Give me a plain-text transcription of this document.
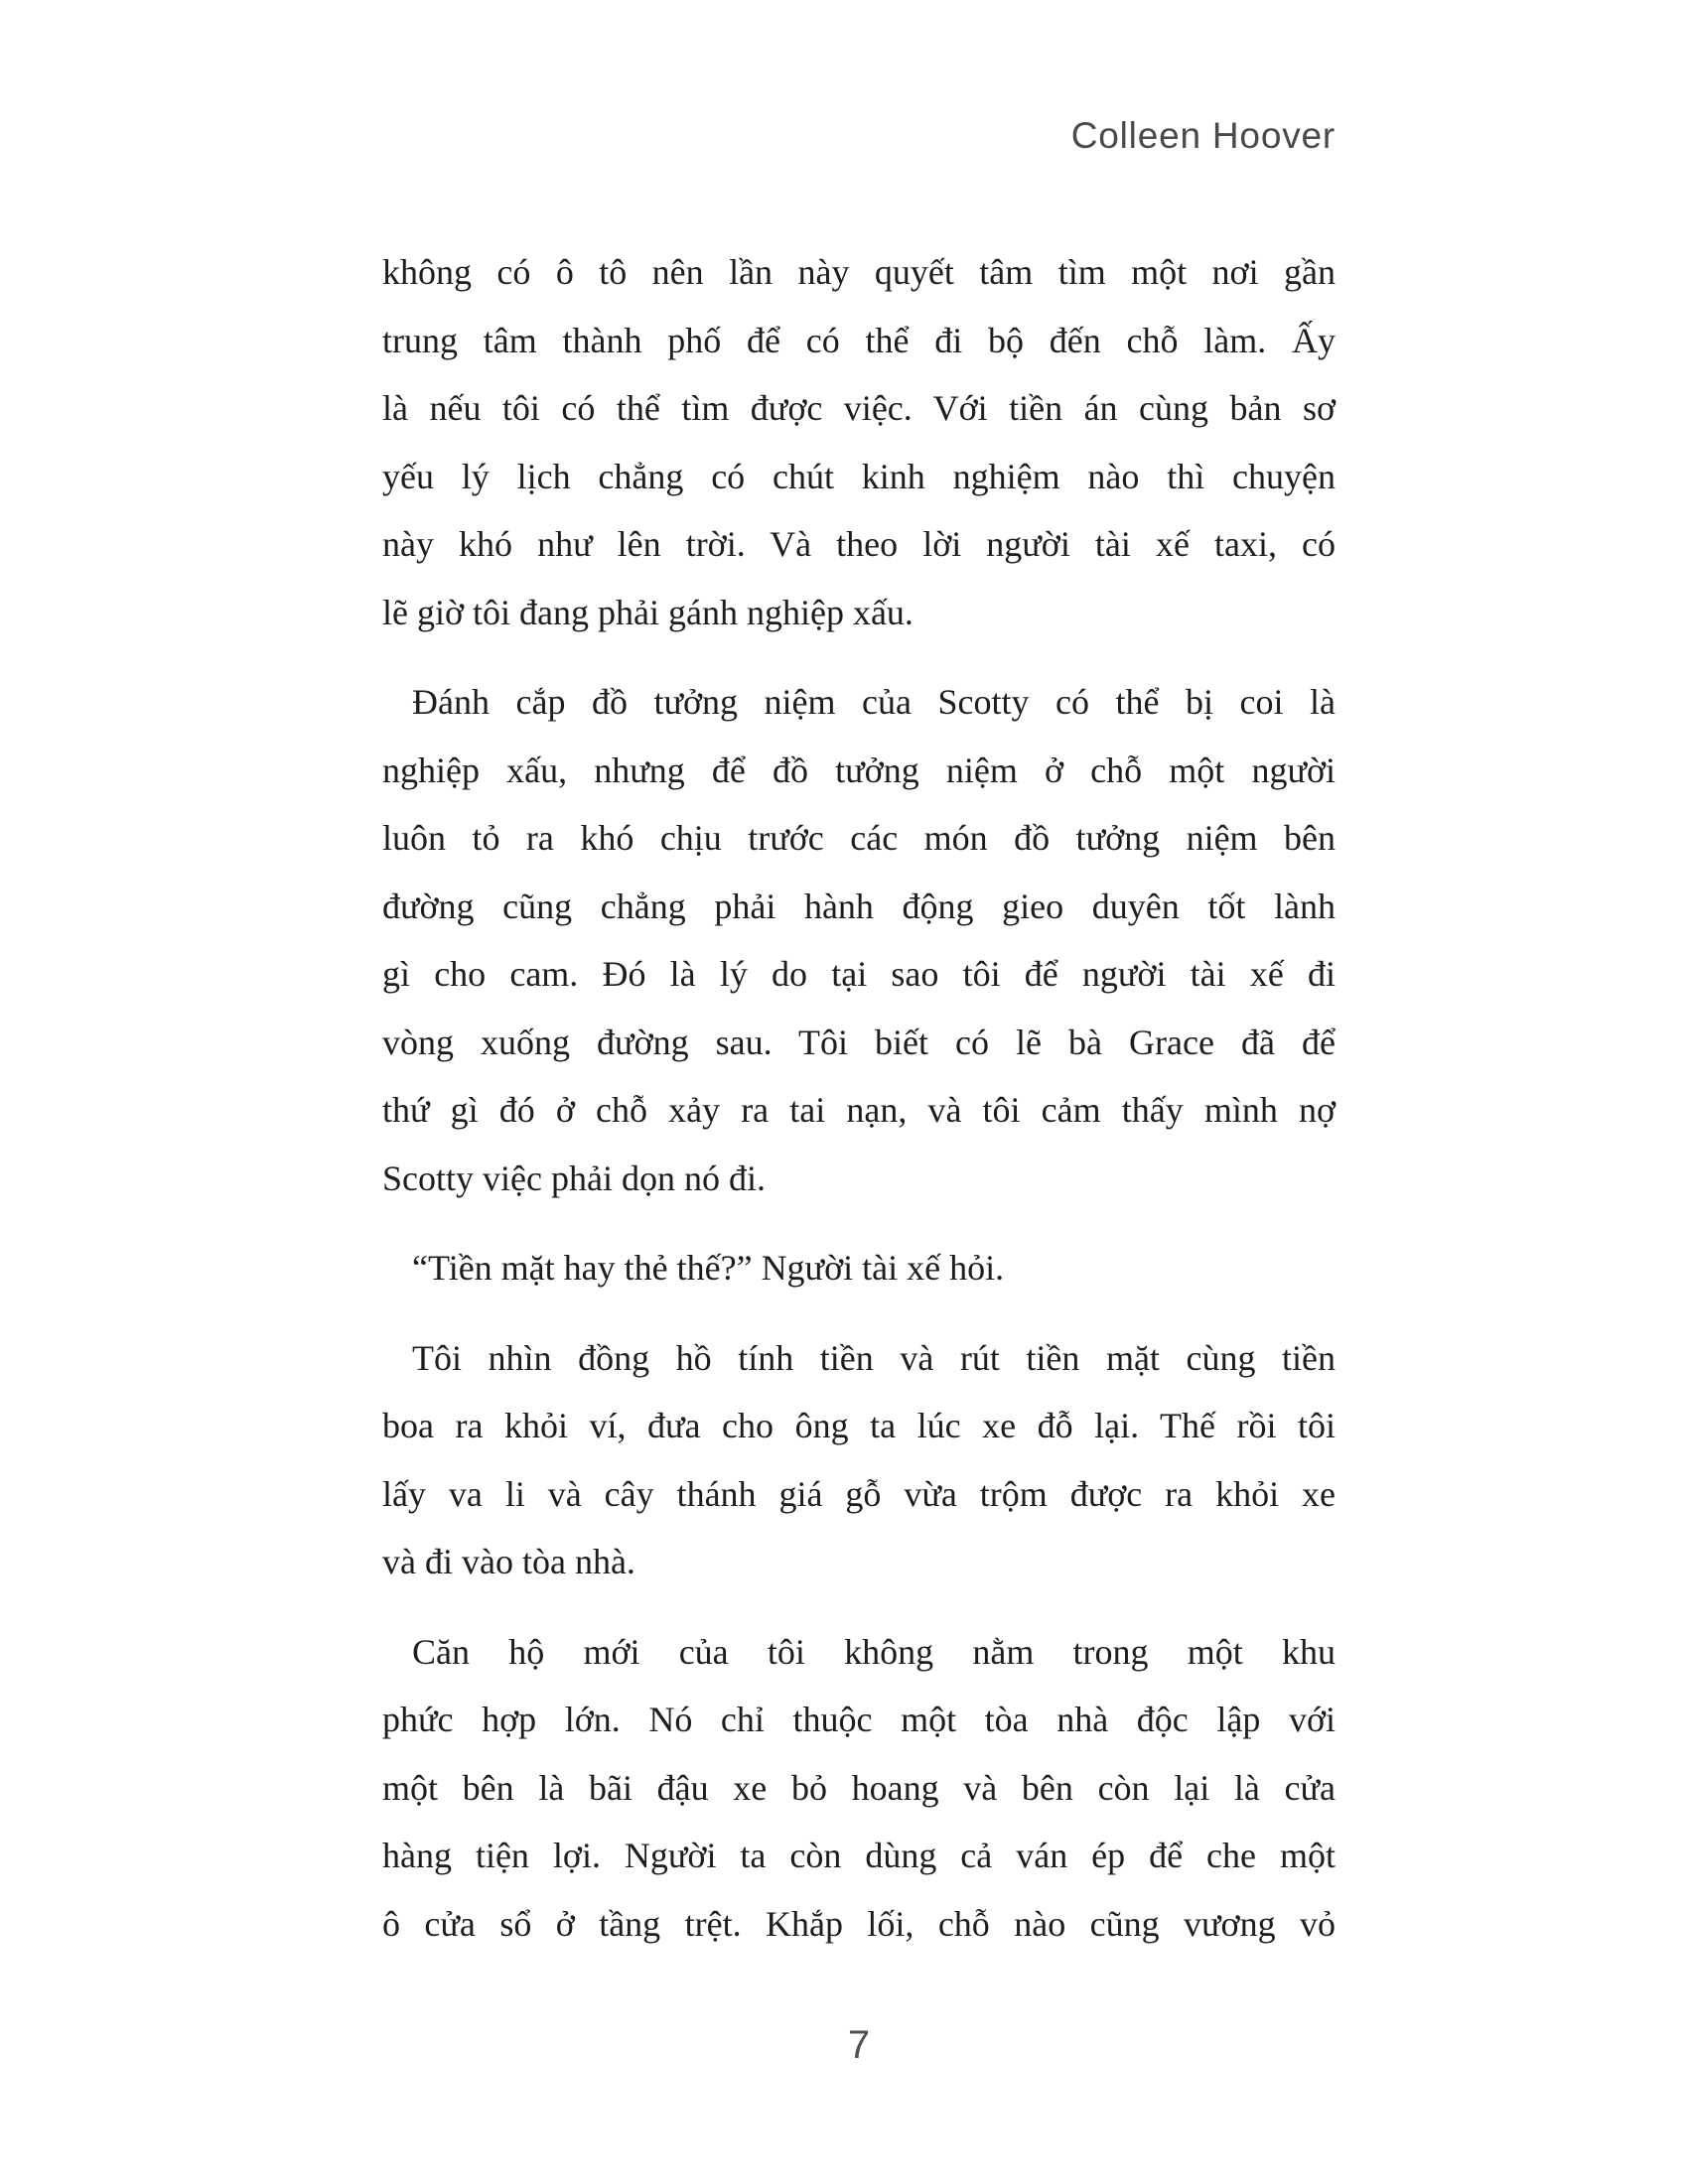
Colleen Hoover
không có ô tô nên lần này quyết tâm tìm một nơi gần
trung tâm thành phố để có thể đi bộ đến chỗ làm. Ấy
là nếu tôi có thể tìm được việc. Với tiền án cùng bản sơ
yếu lý lịch chẳng có chút kinh nghiệm nào thì chuyện
này khó như lên trời. Và theo lời người tài xế taxi, có
lẽ giờ tôi đang phải gánh nghiệp xấu.
Đánh cắp đồ tưởng niệm của Scotty có thể bị coi là
nghiệp xấu, nhưng để đồ tưởng niệm ở chỗ một người
luôn tỏ ra khó chịu trước các món đồ tưởng niệm bên
đường cũng chẳng phải hành động gieo duyên tốt lành
gì cho cam. Đó là lý do tại sao tôi để người tài xế đi
vòng xuống đường sau. Tôi biết có lẽ bà Grace đã để
thứ gì đó ở chỗ xảy ra tai nạn, và tôi cảm thấy mình nợ
Scotty việc phải dọn nó đi.
“Tiền mặt hay thẻ thế?” Người tài xế hỏi.
Tôi nhìn đồng hồ tính tiền và rút tiền mặt cùng tiền
boa ra khỏi ví, đưa cho ông ta lúc xe đỗ lại. Thế rồi tôi
lấy va li và cây thánh giá gỗ vừa trộm được ra khỏi xe
và đi vào tòa nhà.
Căn hộ mới của tôi không nằm trong một khu
phức hợp lớn. Nó chỉ thuộc một tòa nhà độc lập với
một bên là bãi đậu xe bỏ hoang và bên còn lại là cửa
hàng tiện lợi. Người ta còn dùng cả ván ép để che một
ô cửa sổ ở tầng trệt. Khắp lối, chỗ nào cũng vương vỏ
7
